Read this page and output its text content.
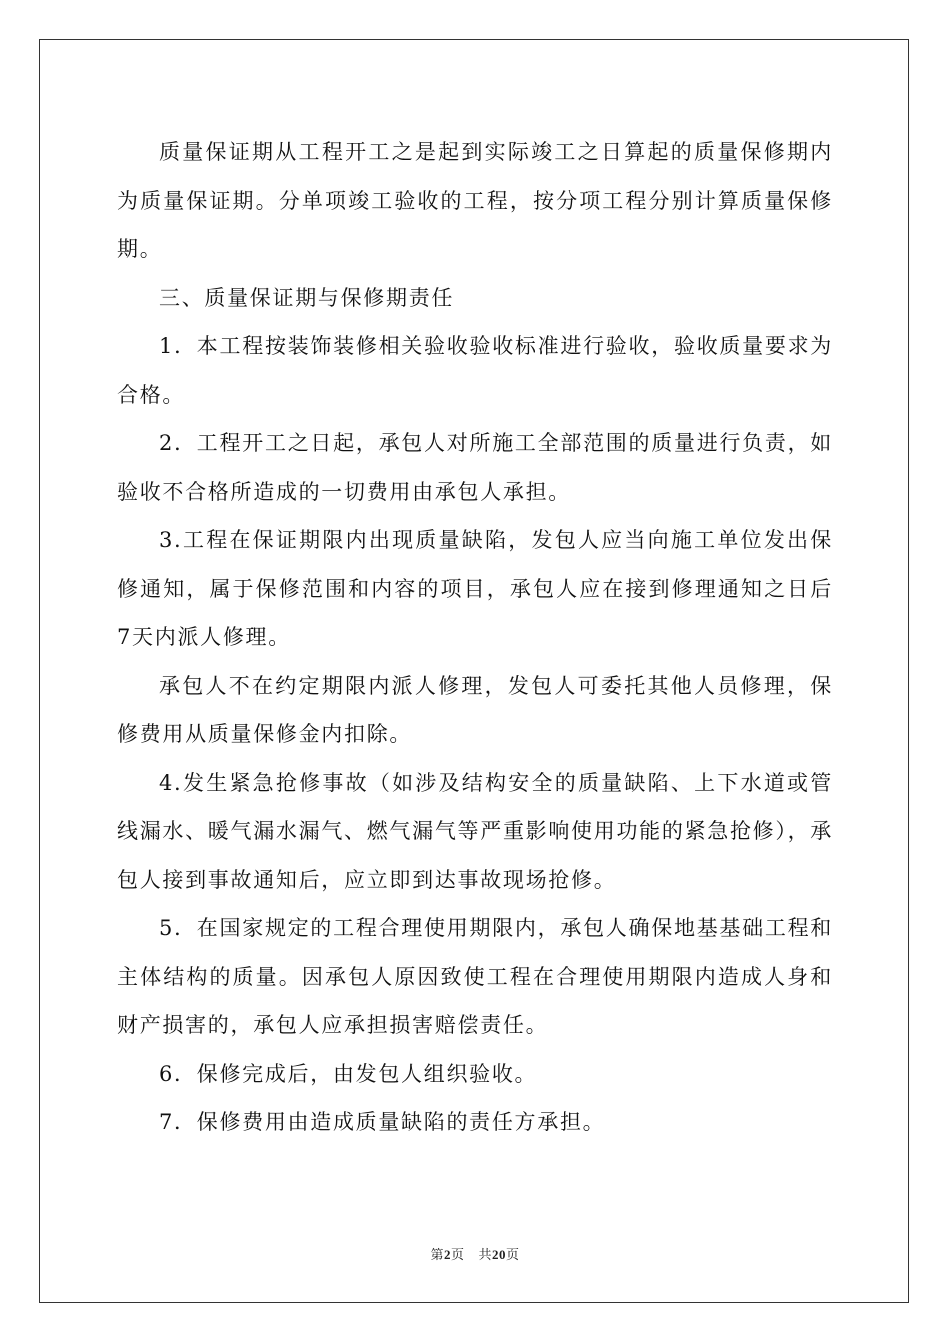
质量保证期从工程开工之是起到实际竣工之日算起的质量保修期内为质量保证期。分单项竣工验收的工程，按分项工程分别计算质量保修期。

三、质量保证期与保修期责任

1．本工程按装饰装修相关验收验收标准进行验收，验收质量要求为合格。

2．工程开工之日起，承包人对所施工全部范围的质量进行负责，如验收不合格所造成的一切费用由承包人承担。

3.工程在保证期限内出现质量缺陷，发包人应当向施工单位发出保修通知，属于保修范围和内容的项目，承包人应在接到修理通知之日后7天内派人修理。

承包人不在约定期限内派人修理，发包人可委托其他人员修理，保修费用从质量保修金内扣除。

4.发生紧急抢修事故（如涉及结构安全的质量缺陷、上下水道或管线漏水、暖气漏水漏气、燃气漏气等严重影响使用功能的紧急抢修），承包人接到事故通知后，应立即到达事故现场抢修。

5．在国家规定的工程合理使用期限内，承包人确保地基基础工程和主体结构的质量。因承包人原因致使工程在合理使用期限内造成人身和财产损害的，承包人应承担损害赔偿责任。

6．保修完成后，由发包人组织验收。

7．保修费用由造成质量缺陷的责任方承担。

第2页 共20页
